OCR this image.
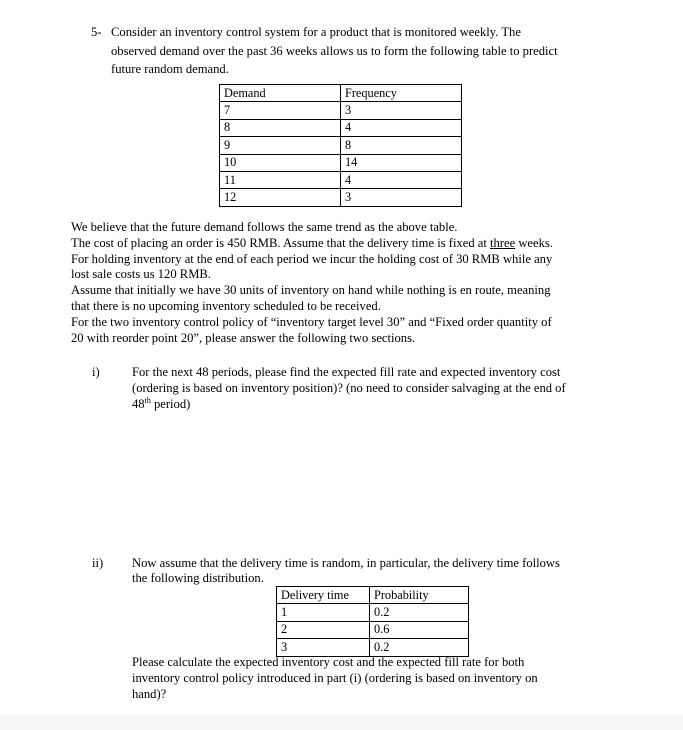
5- Consider an inventory control system for a product that is monitored weekly. The
observed demand over the past 36 weeks allows us to form the following table to predict
future random demand.
Demand	Frequency
7	3
8	4
9	8
10	14
11	4
12	3
We believe that the future demand follows the same trend as the above table.
The cost of placing an order is 450 RMB. Assume that the delivery time is fixed at three weeks.
For holding inventory at the end of each period we incur the holding cost of 30 RMB while any
lost sale costs us 120 RMB.
Assume that initially we have 30 units of inventory on hand while nothing is en route, meaning
that there is no upcoming inventory scheduled to be received.
For the two inventory control policy of “inventory target level 30” and “Fixed order quantity of
20 with reorder point 20”, please answer the following two sections.
i)	For the next 48 periods, please find the expected fill rate and expected inventory cost
(ordering is based on inventory position)? (no need to consider salvaging at the end of
48th period)
ii) Now assume that the delivery time is random, in particular, the delivery time follows
the following distribution.
Delivery time	Probability
1	0.2
2	0.6
3	0.2
Please calculate the expected inventory cost and the expected fill rate for both
inventory control policy introduced in part (i) (ordering is based on inventory on
hand)?
